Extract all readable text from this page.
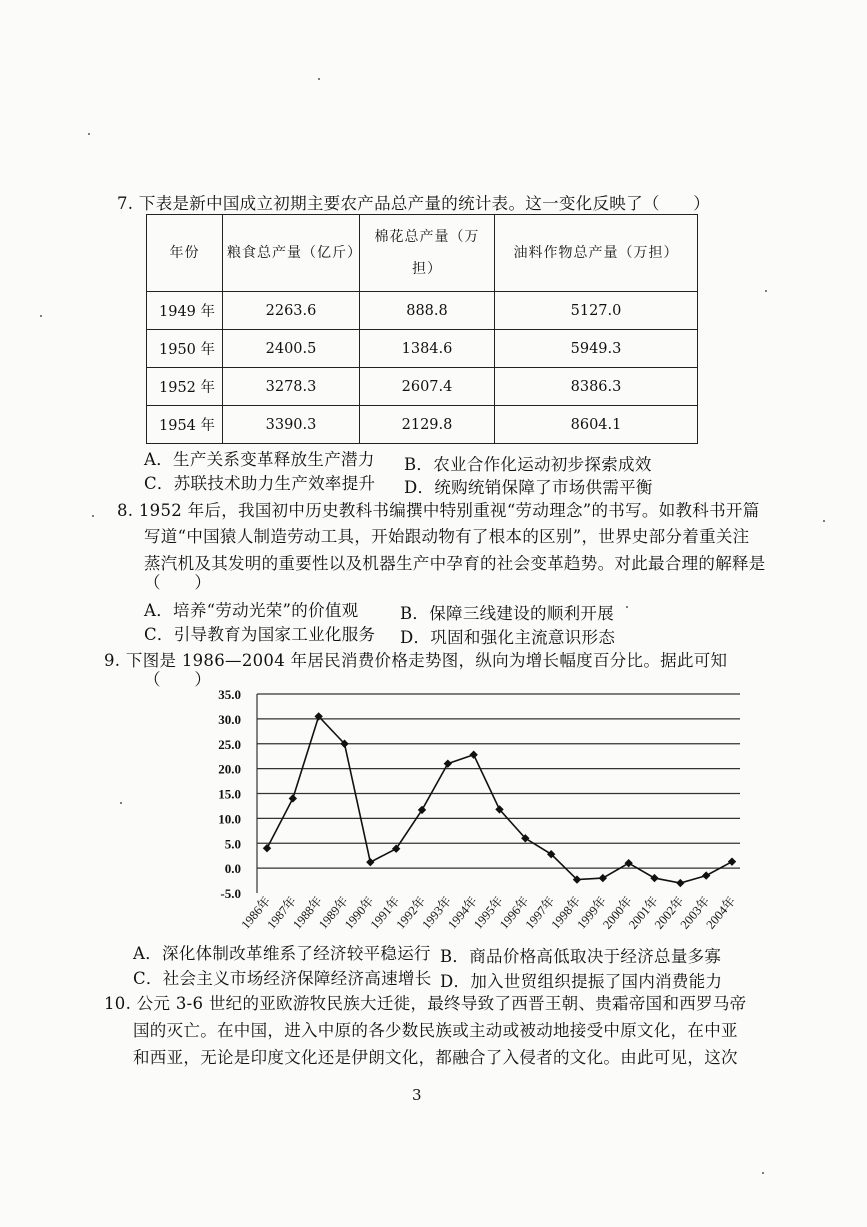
7. 下表是新中国成立初期主要农产品总产量的统计表。这一变化反映了（　　）
年份	粮食总产量（亿斤）	棉花总产量（万担）	油料作物总产量（万担）
1949 年	2263.6	888.8	5127.0
1950 年	2400.5	1384.6	5949.3
1952 年	3278.3	2607.4	8386.3
1954 年	3390.3	2129.8	8604.1
A．生产关系变革释放生产潜力 B．农业合作化运动初步探索成效
C．苏联技术助力生产效率提升 D．统购统销保障了市场供需平衡
8. 1952 年后，我国初中历史教科书编撰中特别重视“劳动理念”的书写。如教科书开篇
写道“中国猿人制造劳动工具，开始跟动物有了根本的区别”，世界史部分着重关注
蒸汽机及其发明的重要性以及机器生产中孕育的社会变革趋势。对此最合理的解释是
（　　）
A．培养“劳动光荣”的价值观	B．保障三线建设的顺利开展
C．引导教育为国家工业化服务 D．巩固和强化主流意识形态
9. 下图是 1986—2004 年居民消费价格走势图，纵向为增长幅度百分比。据此可知
（　　）
35.0
30.0
25.0
20.0
15.0
10.0
5.0
0.0
-5.0
1986年
1987年
1988年
1989年
1990年
1991年
1992年
1993年
1994年
1995年
1996年
1997年
1998年
1999年
2000年
2001年
2002年
2003年
2004年
A．深化体制改革维系了经济较平稳运行 B．商品价格高低取决于经济总量多寡
C．社会主义市场经济保障经济高速增长 D．加入世贸组织提振了国内消费能力
10. 公元 3-6 世纪的亚欧游牧民族大迁徙，最终导致了西晋王朝、贵霜帝国和西罗马帝
国的灭亡。在中国，进入中原的各少数民族或主动或被动地接受中原文化，在中亚
和西亚，无论是印度文化还是伊朗文化，都融合了入侵者的文化。由此可见，这次
3
